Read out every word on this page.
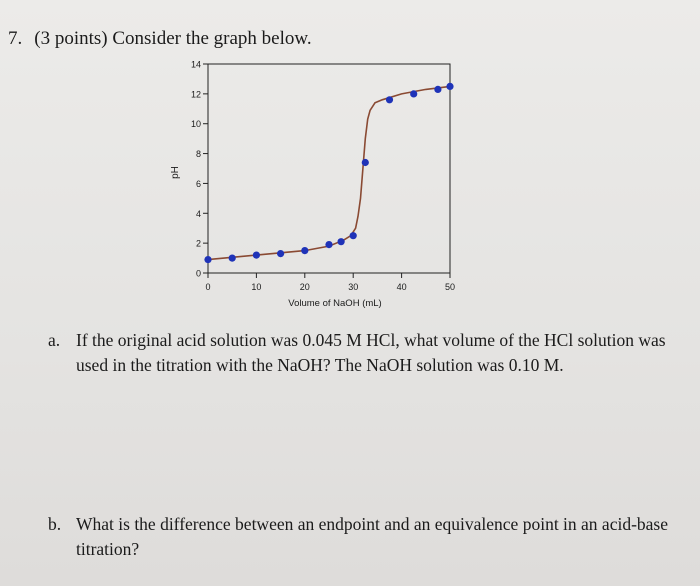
7. (3 points) Consider the graph below.
0
2
4
6
8
10
12
14
0	10	20	30	40	50
pH
Volume of NaOH (mL)
a. If the original acid solution was 0.045 M HCl, what volume of the HCl solution was
used in the titration with the NaOH? The NaOH solution was 0.10 M.
b. What is the difference between an endpoint and an equivalence point in an acid-base
titration?
